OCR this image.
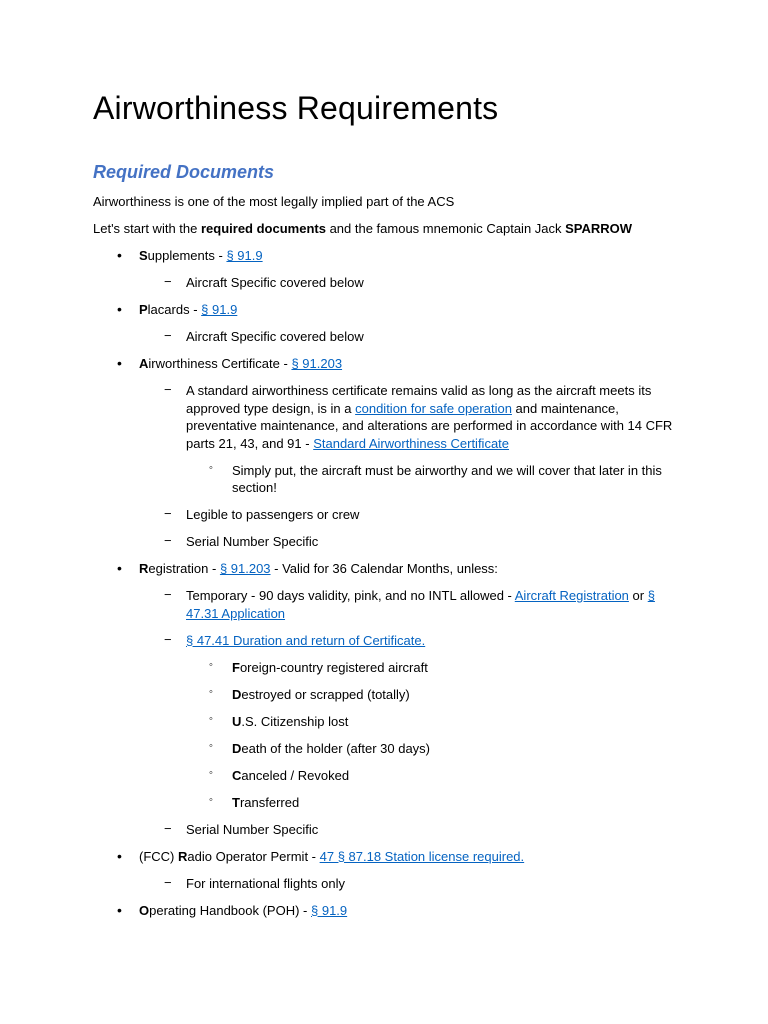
Airworthiness Requirements
Required Documents

Airworthiness is one of the most legally implied part of the ACS

Let's start with the required documents and the famous mnemonic Captain Jack SPARROW

• Supplements - § 91.9
− Aircraft Specific covered below
• Placards - § 91.9
− Aircraft Specific covered below
• Airworthiness Certificate - § 91.203
− A standard airworthiness certificate remains valid as long as the aircraft meets its approved type design, is in a condition for safe operation and maintenance, preventative maintenance, and alterations are performed in accordance with 14 CFR parts 21, 43, and 91 - Standard Airworthiness Certificate
◦ Simply put, the aircraft must be airworthy and we will cover that later in this section!
− Legible to passengers or crew
− Serial Number Specific
• Registration - § 91.203 - Valid for 36 Calendar Months, unless:
− Temporary - 90 days validity, pink, and no INTL allowed - Aircraft Registration or § 47.31 Application
− § 47.41 Duration and return of Certificate.
◦ Foreign-country registered aircraft
◦ Destroyed or scrapped (totally)
◦ U.S. Citizenship lost
◦ Death of the holder (after 30 days)
◦ Canceled / Revoked
◦ Transferred
− Serial Number Specific
• (FCC) Radio Operator Permit - 47 § 87.18 Station license required.
− For international flights only
• Operating Handbook (POH) - § 91.9
